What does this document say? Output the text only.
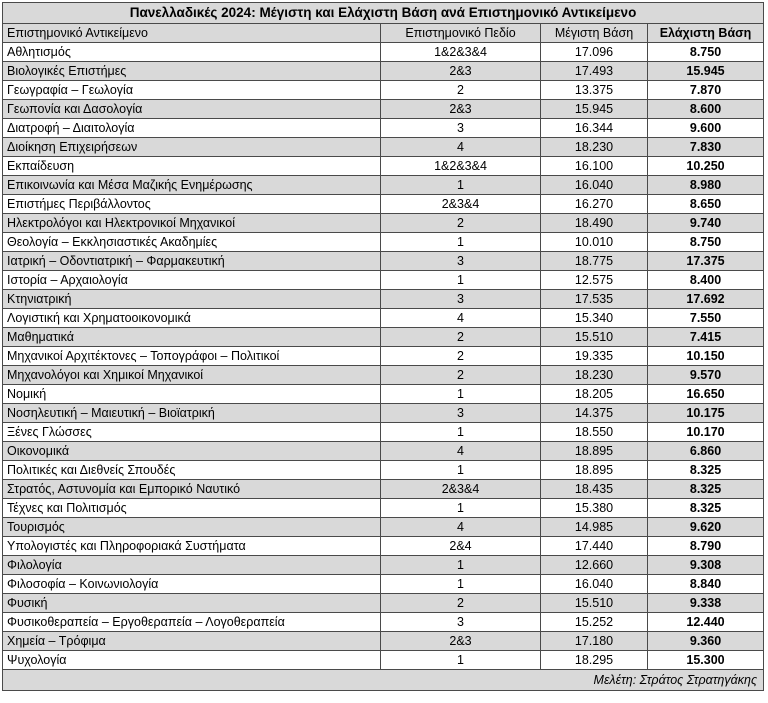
Πανελλαδικές 2024: Μέγιστη και Ελάχιστη Βάση ανά Επιστημονικό Αντικείμενο			
Επιστημονικό Αντικείμενο	Επιστημονικό Πεδίο	Μέγιστη Βάση	Ελάχιστη Βάση
Αθλητισμός	1&2&3&4	17.096	8.750
Βιολογικές Επιστήμες	2&3	17.493	15.945
Γεωγραφία – Γεωλογία	2	13.375	7.870
Γεωπονία και Δασολογία	2&3	15.945	8.600
Διατροφή – Διαιτολογία	3	16.344	9.600
Διοίκηση Επιχειρήσεων	4	18.230	7.830
Εκπαίδευση	1&2&3&4	16.100	10.250
Επικοινωνία και Μέσα Μαζικής Ενημέρωσης	1	16.040	8.980
Επιστήμες Περιβάλλοντος	2&3&4	16.270	8.650
Ηλεκτρολόγοι και Ηλεκτρονικοί Μηχανικοί	2	18.490	9.740
Θεολογία – Εκκλησιαστικές Ακαδημίες	1	10.010	8.750
Ιατρική – Οδοντιατρική – Φαρμακευτική	3	18.775	17.375
Ιστορία – Αρχαιολογία	1	12.575	8.400
Κτηνιατρική	3	17.535	17.692
Λογιστική και Χρηματοοικονομικά	4	15.340	7.550
Μαθηματικά	2	15.510	7.415
Μηχανικοί Αρχιτέκτονες – Τοπογράφοι – Πολιτικοί	2	19.335	10.150
Μηχανολόγοι και Χημικοί Μηχανικοί	2	18.230	9.570
Νομική	1	18.205	16.650
Νοσηλευτική – Μαιευτική – Βιοϊατρική	3	14.375	10.175
Ξένες Γλώσσες	1	18.550	10.170
Οικονομικά	4	18.895	6.860
Πολιτικές και Διεθνείς Σπουδές	1	18.895	8.325
Στρατός, Αστυνομία και Εμπορικό Ναυτικό	2&3&4	18.435	8.325
Τέχνες και Πολιτισμός	1	15.380	8.325
Τουρισμός	4	14.985	9.620
Υπολογιστές και Πληροφοριακά Συστήματα	2&4	17.440	8.790
Φιλολογία	1	12.660	9.308
Φιλοσοφία – Κοινωνιολογία	1	16.040	8.840
Φυσική	2	15.510	9.338
Φυσικοθεραπεία – Εργοθεραπεία – Λογοθεραπεία	3	15.252	12.440
Χημεία – Τρόφιμα	2&3	17.180	9.360
Ψυχολογία	1	18.295	15.300
Μελέτη: Στράτος Στρατηγάκης			
